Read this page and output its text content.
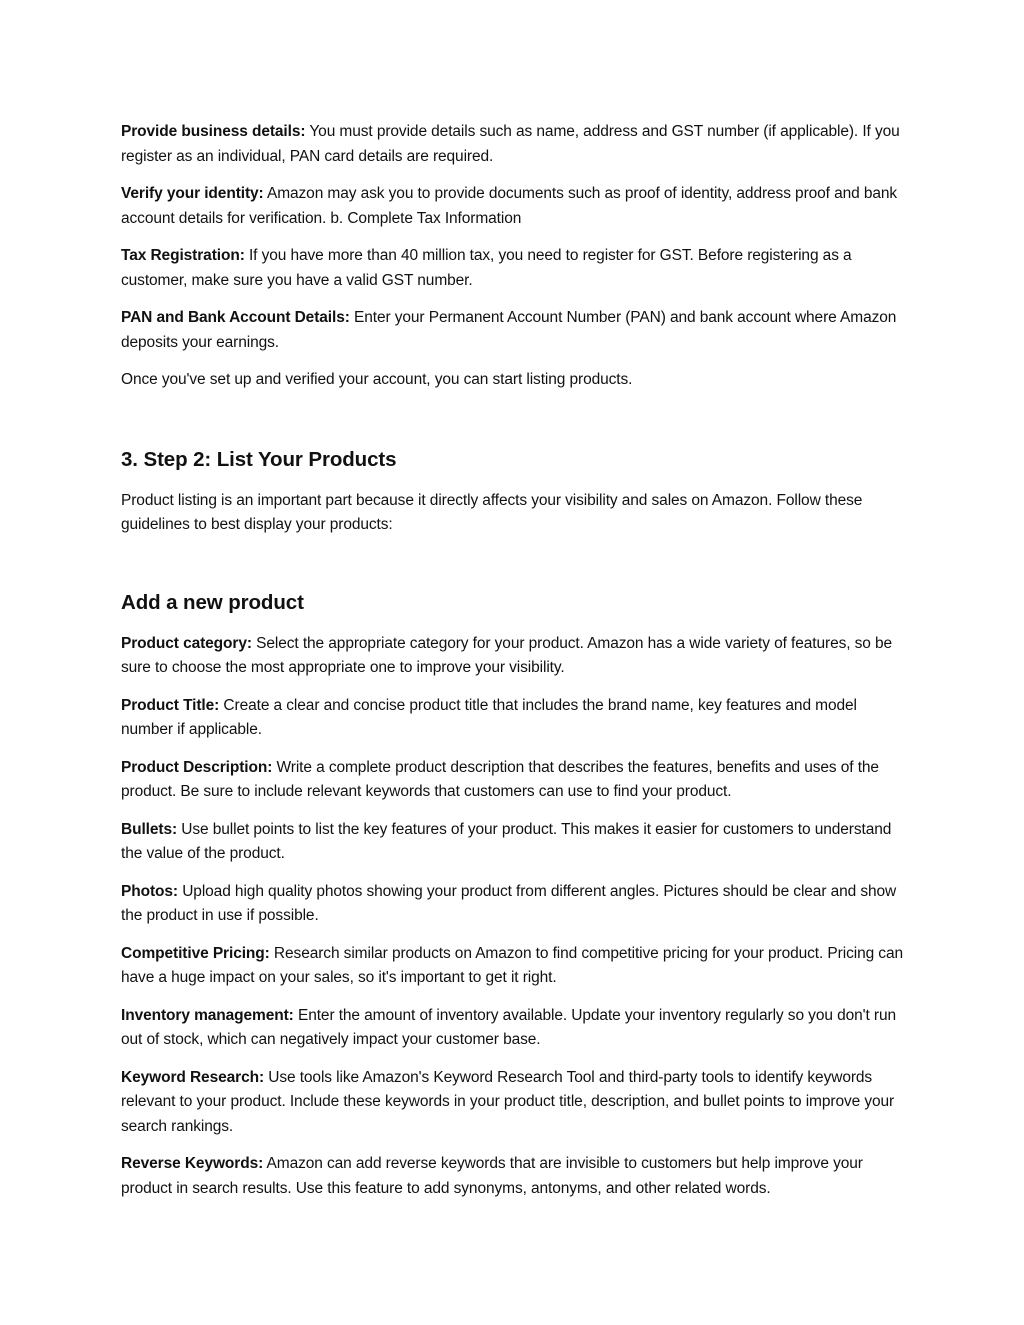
Provide business details: You must provide details such as name, address and GST number (if applicable). If you register as an individual, PAN card details are required.

Verify your identity: Amazon may ask you to provide documents such as proof of identity, address proof and bank account details for verification. b. Complete Tax Information

Tax Registration: If you have more than 40 million tax, you need to register for GST. Before registering as a customer, make sure you have a valid GST number.

PAN and Bank Account Details: Enter your Permanent Account Number (PAN) and bank account where Amazon deposits your earnings.

Once you've set up and verified your account, you can start listing products.

3. Step 2: List Your Products

Product listing is an important part because it directly affects your visibility and sales on Amazon. Follow these guidelines to best display your products:

Add a new product

Product category: Select the appropriate category for your product. Amazon has a wide variety of features, so be sure to choose the most appropriate one to improve your visibility.

Product Title: Create a clear and concise product title that includes the brand name, key features and model number if applicable.

Product Description: Write a complete product description that describes the features, benefits and uses of the product. Be sure to include relevant keywords that customers can use to find your product.

Bullets: Use bullet points to list the key features of your product. This makes it easier for customers to understand the value of the product.

Photos: Upload high quality photos showing your product from different angles. Pictures should be clear and show the product in use if possible.

Competitive Pricing: Research similar products on Amazon to find competitive pricing for your product. Pricing can have a huge impact on your sales, so it's important to get it right.

Inventory management: Enter the amount of inventory available. Update your inventory regularly so you don't run out of stock, which can negatively impact your customer base.

Keyword Research: Use tools like Amazon's Keyword Research Tool and third-party tools to identify keywords relevant to your product. Include these keywords in your product title, description, and bullet points to improve your search rankings.

Reverse Keywords: Amazon can add reverse keywords that are invisible to customers but help improve your product in search results. Use this feature to add synonyms, antonyms, and other related words.
